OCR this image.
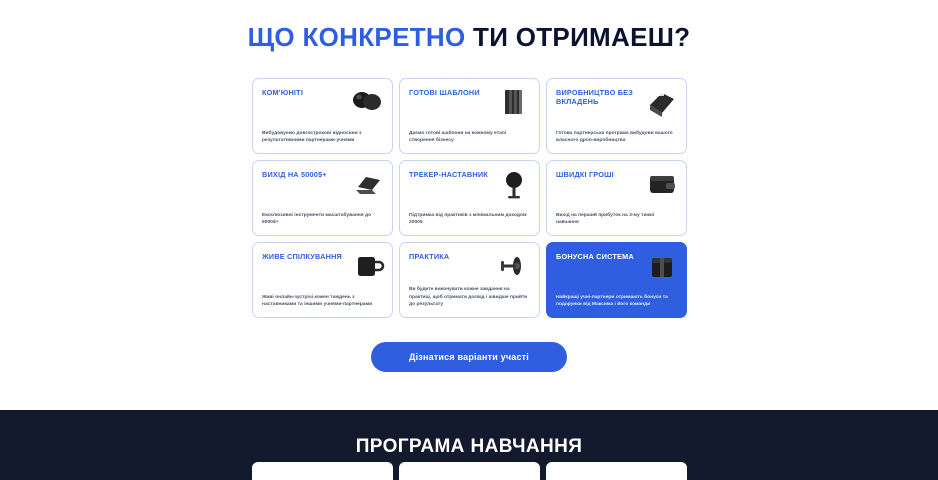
ЩО КОНКРЕТНО ТИ ОТРИМАЕШ?
КОМ'ЮНІТІ
Вибудовуємо довгострокові відносини з результативними партнерами-учнями
ГОТОВІ ШАБЛОНИ
Даємо готові шаблони на кожному етапі створення бізнесу
ВИРОБНИЦТВО БЕЗ ВКЛАДЕНЬ
Готова партнерська програма вибудови вашого власного дроп-виробництва
ВИХІД НА 5000$+
Ексклюзивні інструменти масштабування до 5000$+
ТРЕКЕР-НАСТАВНИК
Підтримка від практиків з мінімальним доходом 2000$
ШВИДКІ ГРОШІ
Вихід на перший прибуток на 3-му тижні навчання
ЖИВЕ СПІЛКУВАННЯ
Живі онлайн-зустрічі кожен тиждень з наставниками та іншими учнями-партнерами
ПРАКТИКА
Ви будете виконувати кожне завдання на практиці, щоб отримати досвід і швидше прийти до результату
БОНУСНА СИСТЕМА
Найкращі учні-партнери отримають бонуси та подарунки від Максима і його команди
Дізнатися варіанти участі
ПРОГРАМА НАВЧАННЯ
